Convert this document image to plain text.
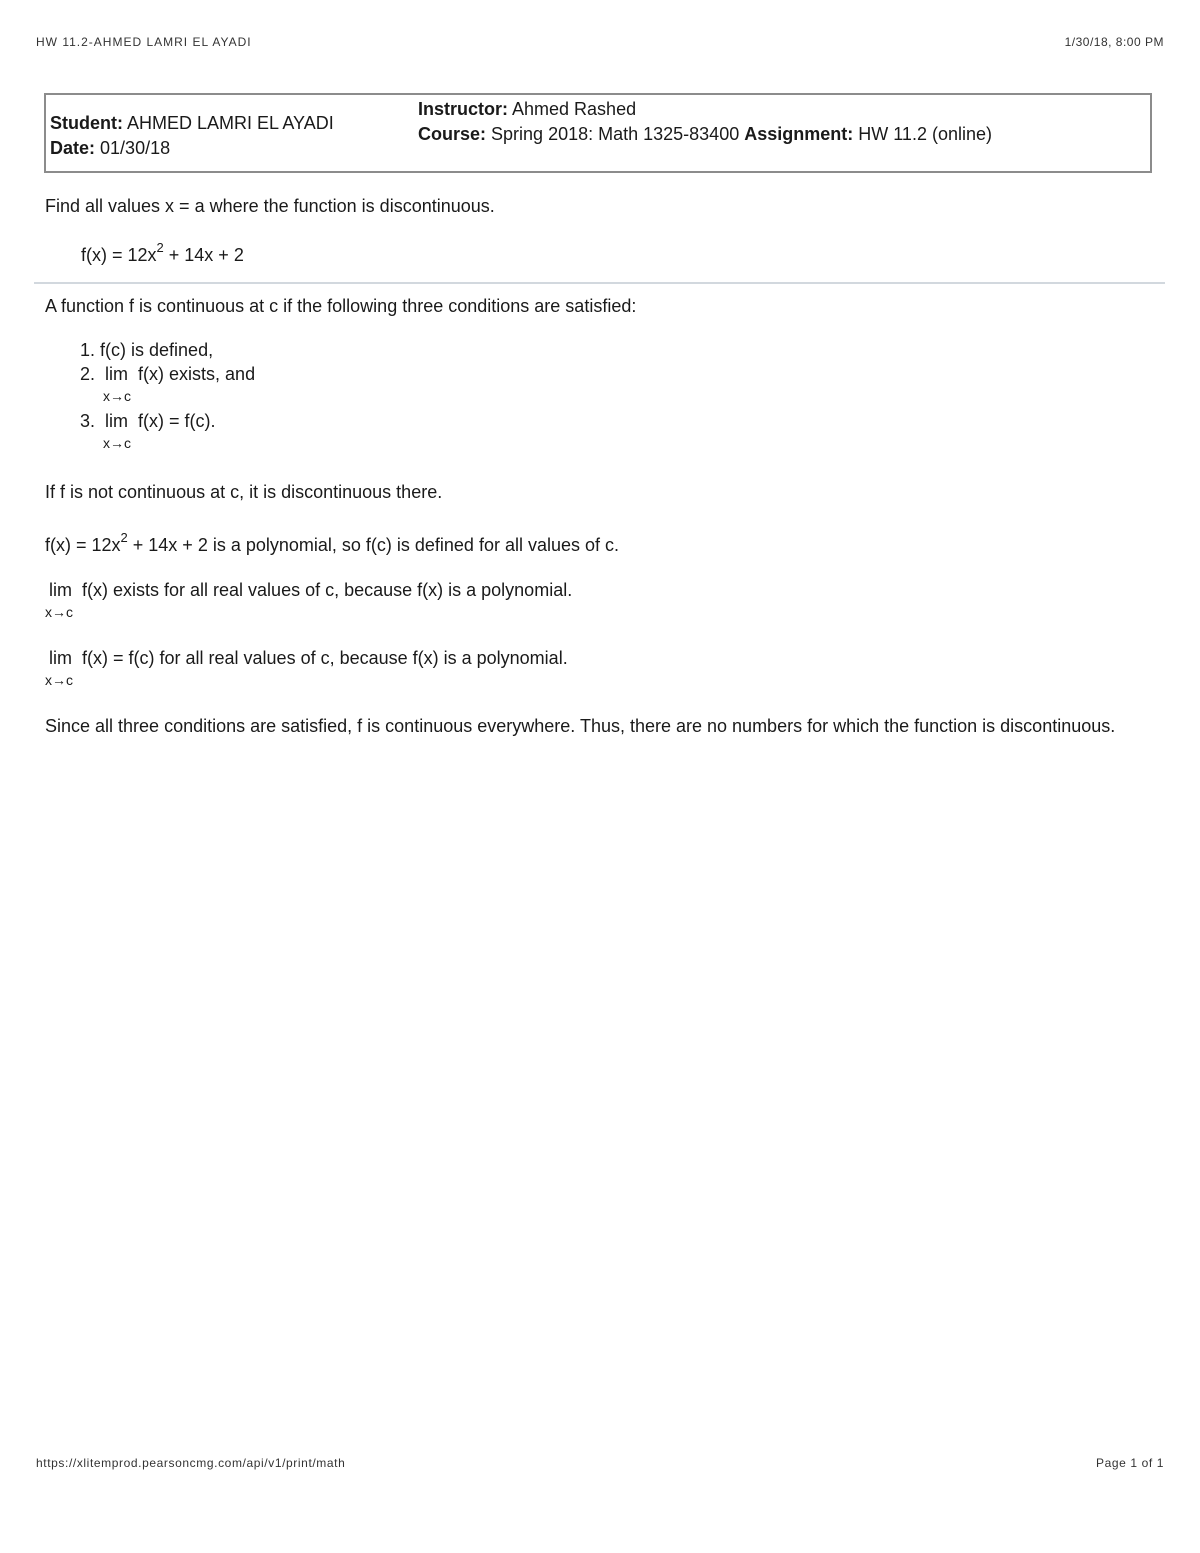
HW 11.2-AHMED LAMRI EL AYADI	1/30/18, 8:00 PM
Student: AHMED LAMRI EL AYADI
Date: 01/30/18
Instructor: Ahmed Rashed
Course: Spring 2018: Math 1325-83400 Assignment: HW 11.2 (online)
Find all values x = a where the function is discontinuous.
$f(x) = 12x^2 + 14x + 2$
A function f is continuous at c if the following three conditions are satisfied:
1. f(c) is defined,
2. lim f(x) exists, and
x→c
3. lim f(x) = f(c).
x→c
If f is not continuous at c, it is discontinuous there.
$f(x) = 12x^2 + 14x + 2$ is a polynomial, so f(c) is defined for all values of c.
lim f(x) exists for all real values of c, because f(x) is a polynomial.
x→c
lim f(x) = f(c) for all real values of c, because f(x) is a polynomial.
x→c
Since all three conditions are satisfied, f is continuous everywhere. Thus, there are no numbers for which the function is discontinuous.
https://xlitemprod.pearsoncmg.com/api/v1/print/math	Page 1 of 1
